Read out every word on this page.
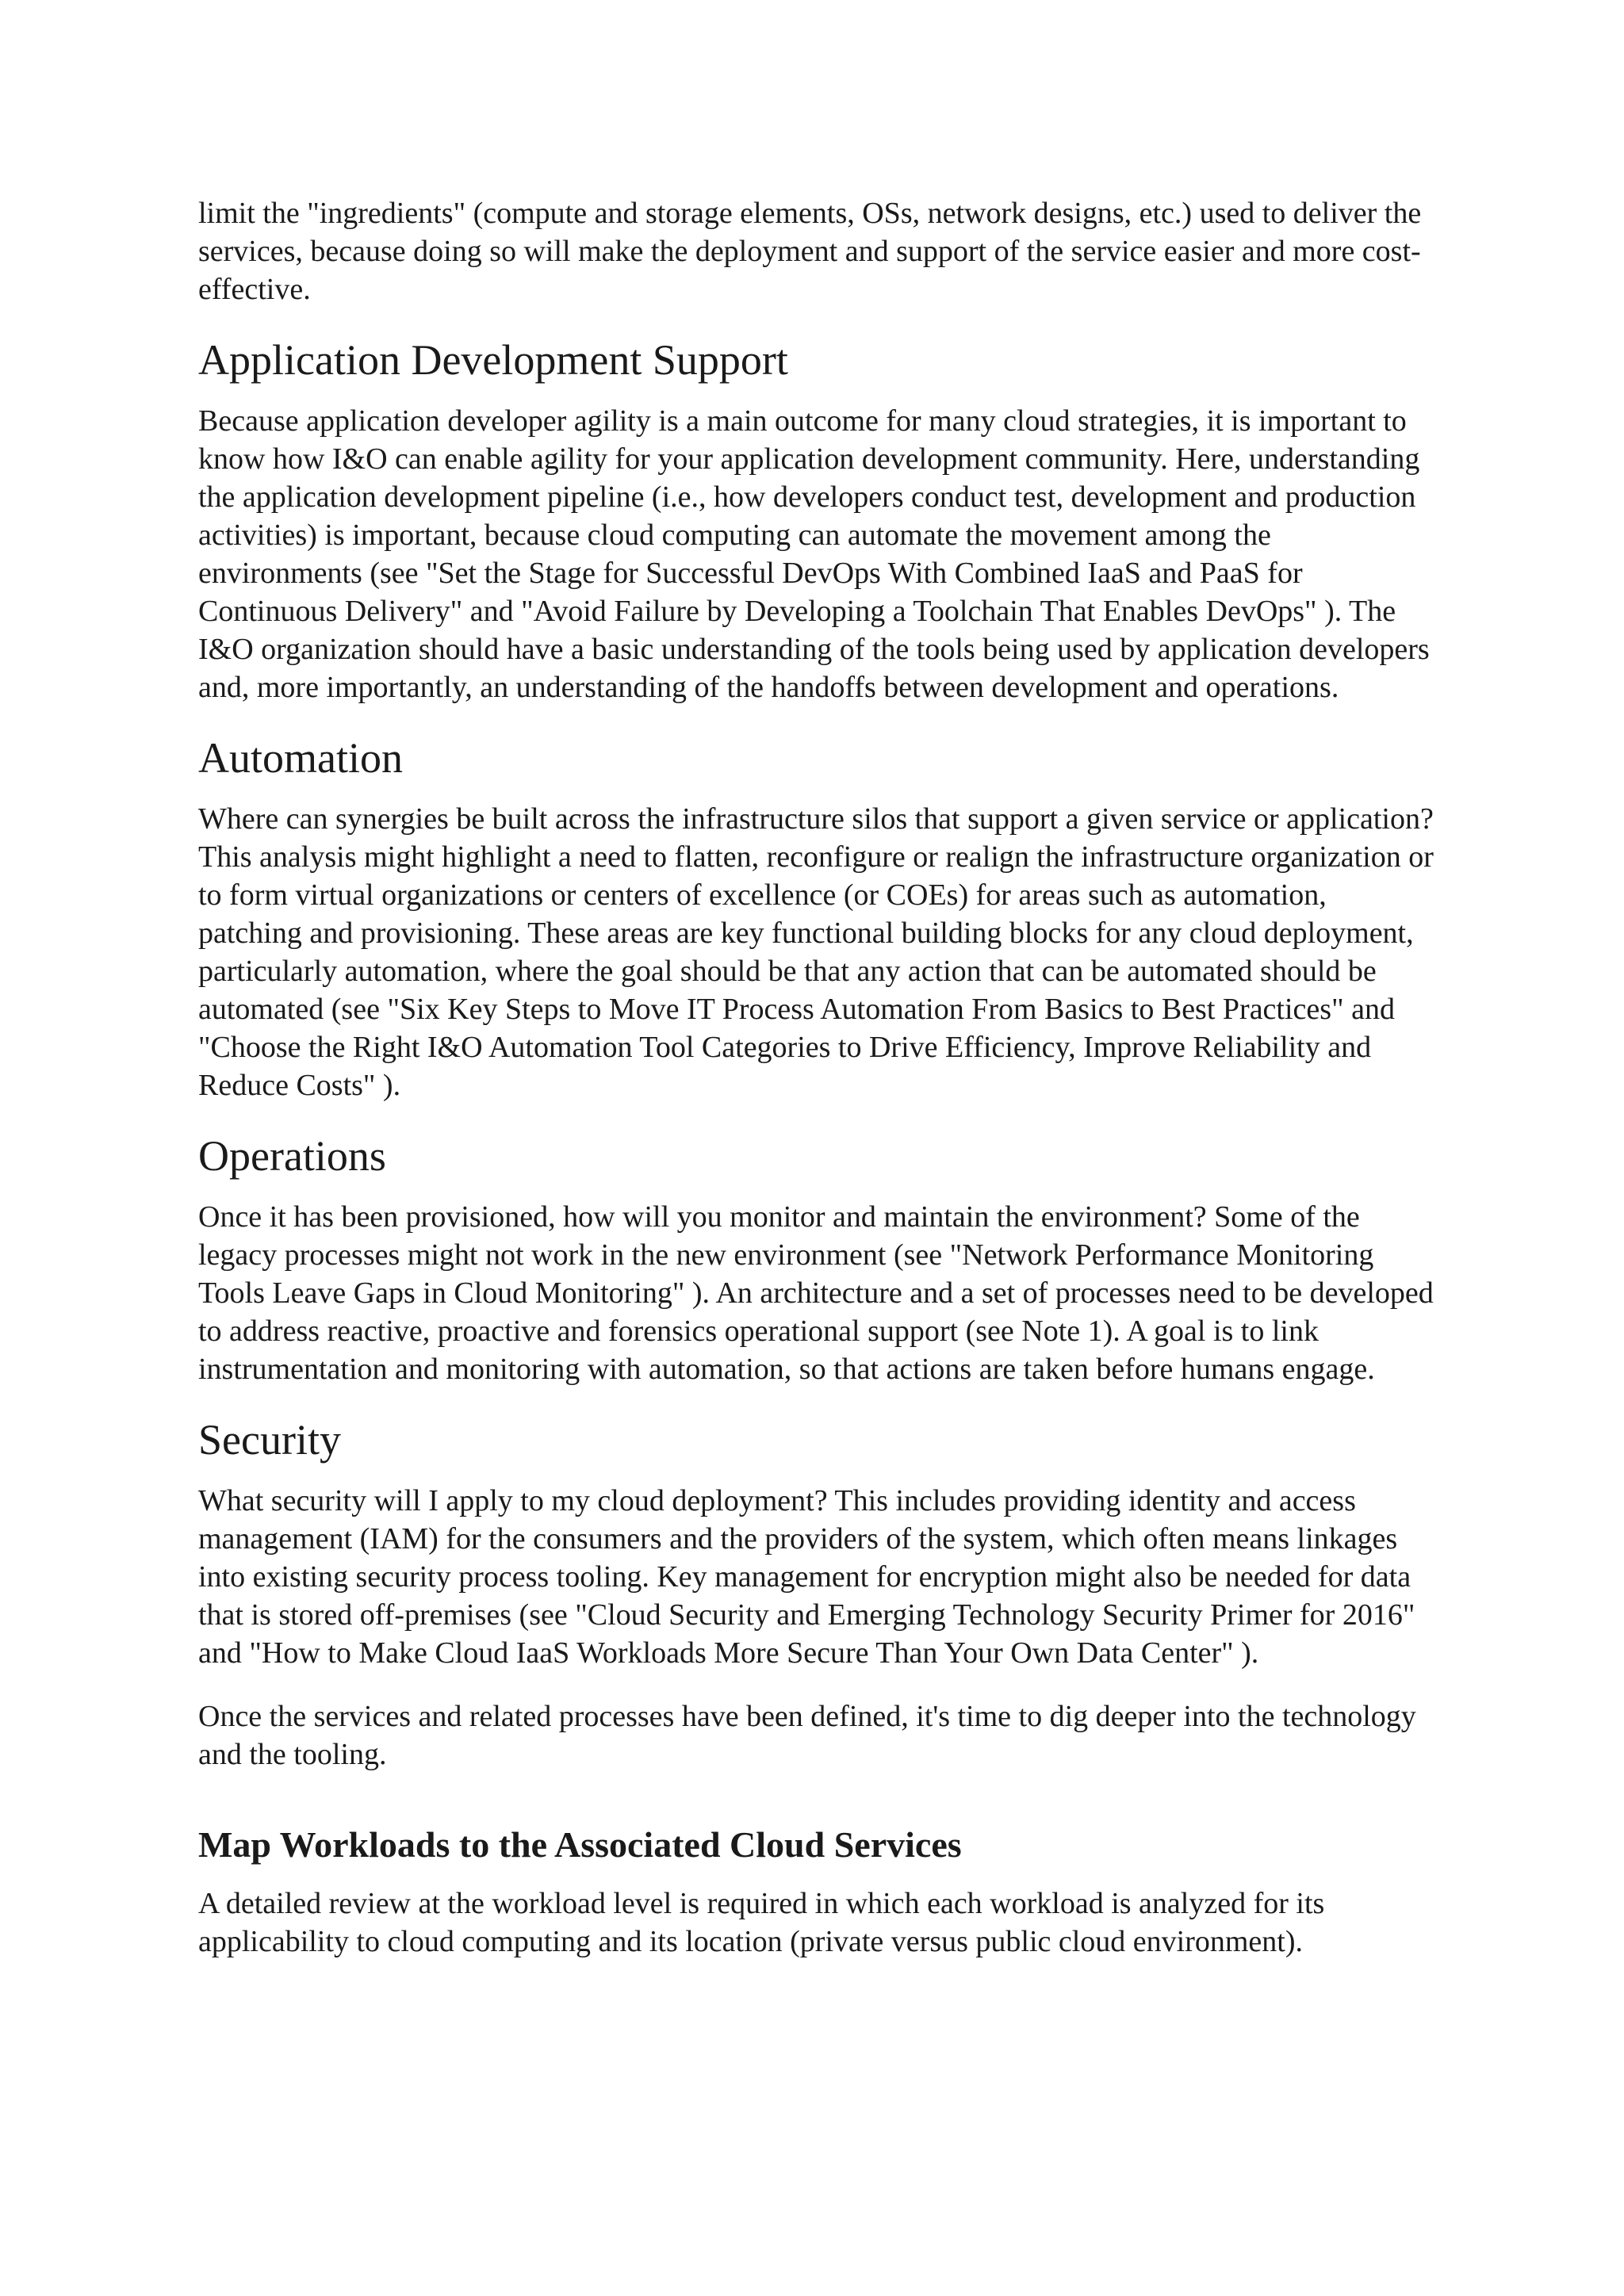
limit the "ingredients" (compute and storage elements, OSs, network designs, etc.) used to deliver the services, because doing so will make the deployment and support of the service easier and more cost-effective.

Application Development Support

Because application developer agility is a main outcome for many cloud strategies, it is important to know how I&O can enable agility for your application development community. Here, understanding the application development pipeline (i.e., how developers conduct test, development and production activities) is important, because cloud computing can automate the movement among the environments (see "Set the Stage for Successful DevOps With Combined IaaS and PaaS for Continuous Delivery" and "Avoid Failure by Developing a Toolchain That Enables DevOps" ). The I&O organization should have a basic understanding of the tools being used by application developers and, more importantly, an understanding of the handoffs between development and operations.

Automation

Where can synergies be built across the infrastructure silos that support a given service or application? This analysis might highlight a need to flatten, reconfigure or realign the infrastructure organization or to form virtual organizations or centers of excellence (or COEs) for areas such as automation, patching and provisioning. These areas are key functional building blocks for any cloud deployment, particularly automation, where the goal should be that any action that can be automated should be automated (see "Six Key Steps to Move IT Process Automation From Basics to Best Practices" and "Choose the Right I&O Automation Tool Categories to Drive Efficiency, Improve Reliability and Reduce Costs" ).

Operations

Once it has been provisioned, how will you monitor and maintain the environment? Some of the legacy processes might not work in the new environment (see "Network Performance Monitoring Tools Leave Gaps in Cloud Monitoring" ). An architecture and a set of processes need to be developed to address reactive, proactive and forensics operational support (see Note 1). A goal is to link instrumentation and monitoring with automation, so that actions are taken before humans engage.

Security

What security will I apply to my cloud deployment? This includes providing identity and access management (IAM) for the consumers and the providers of the system, which often means linkages into existing security process tooling. Key management for encryption might also be needed for data that is stored off-premises (see "Cloud Security and Emerging Technology Security Primer for 2016" and "How to Make Cloud IaaS Workloads More Secure Than Your Own Data Center" ).

Once the services and related processes have been defined, it's time to dig deeper into the technology and the tooling.

Map Workloads to the Associated Cloud Services

A detailed review at the workload level is required in which each workload is analyzed for its applicability to cloud computing and its location (private versus public cloud environment).
